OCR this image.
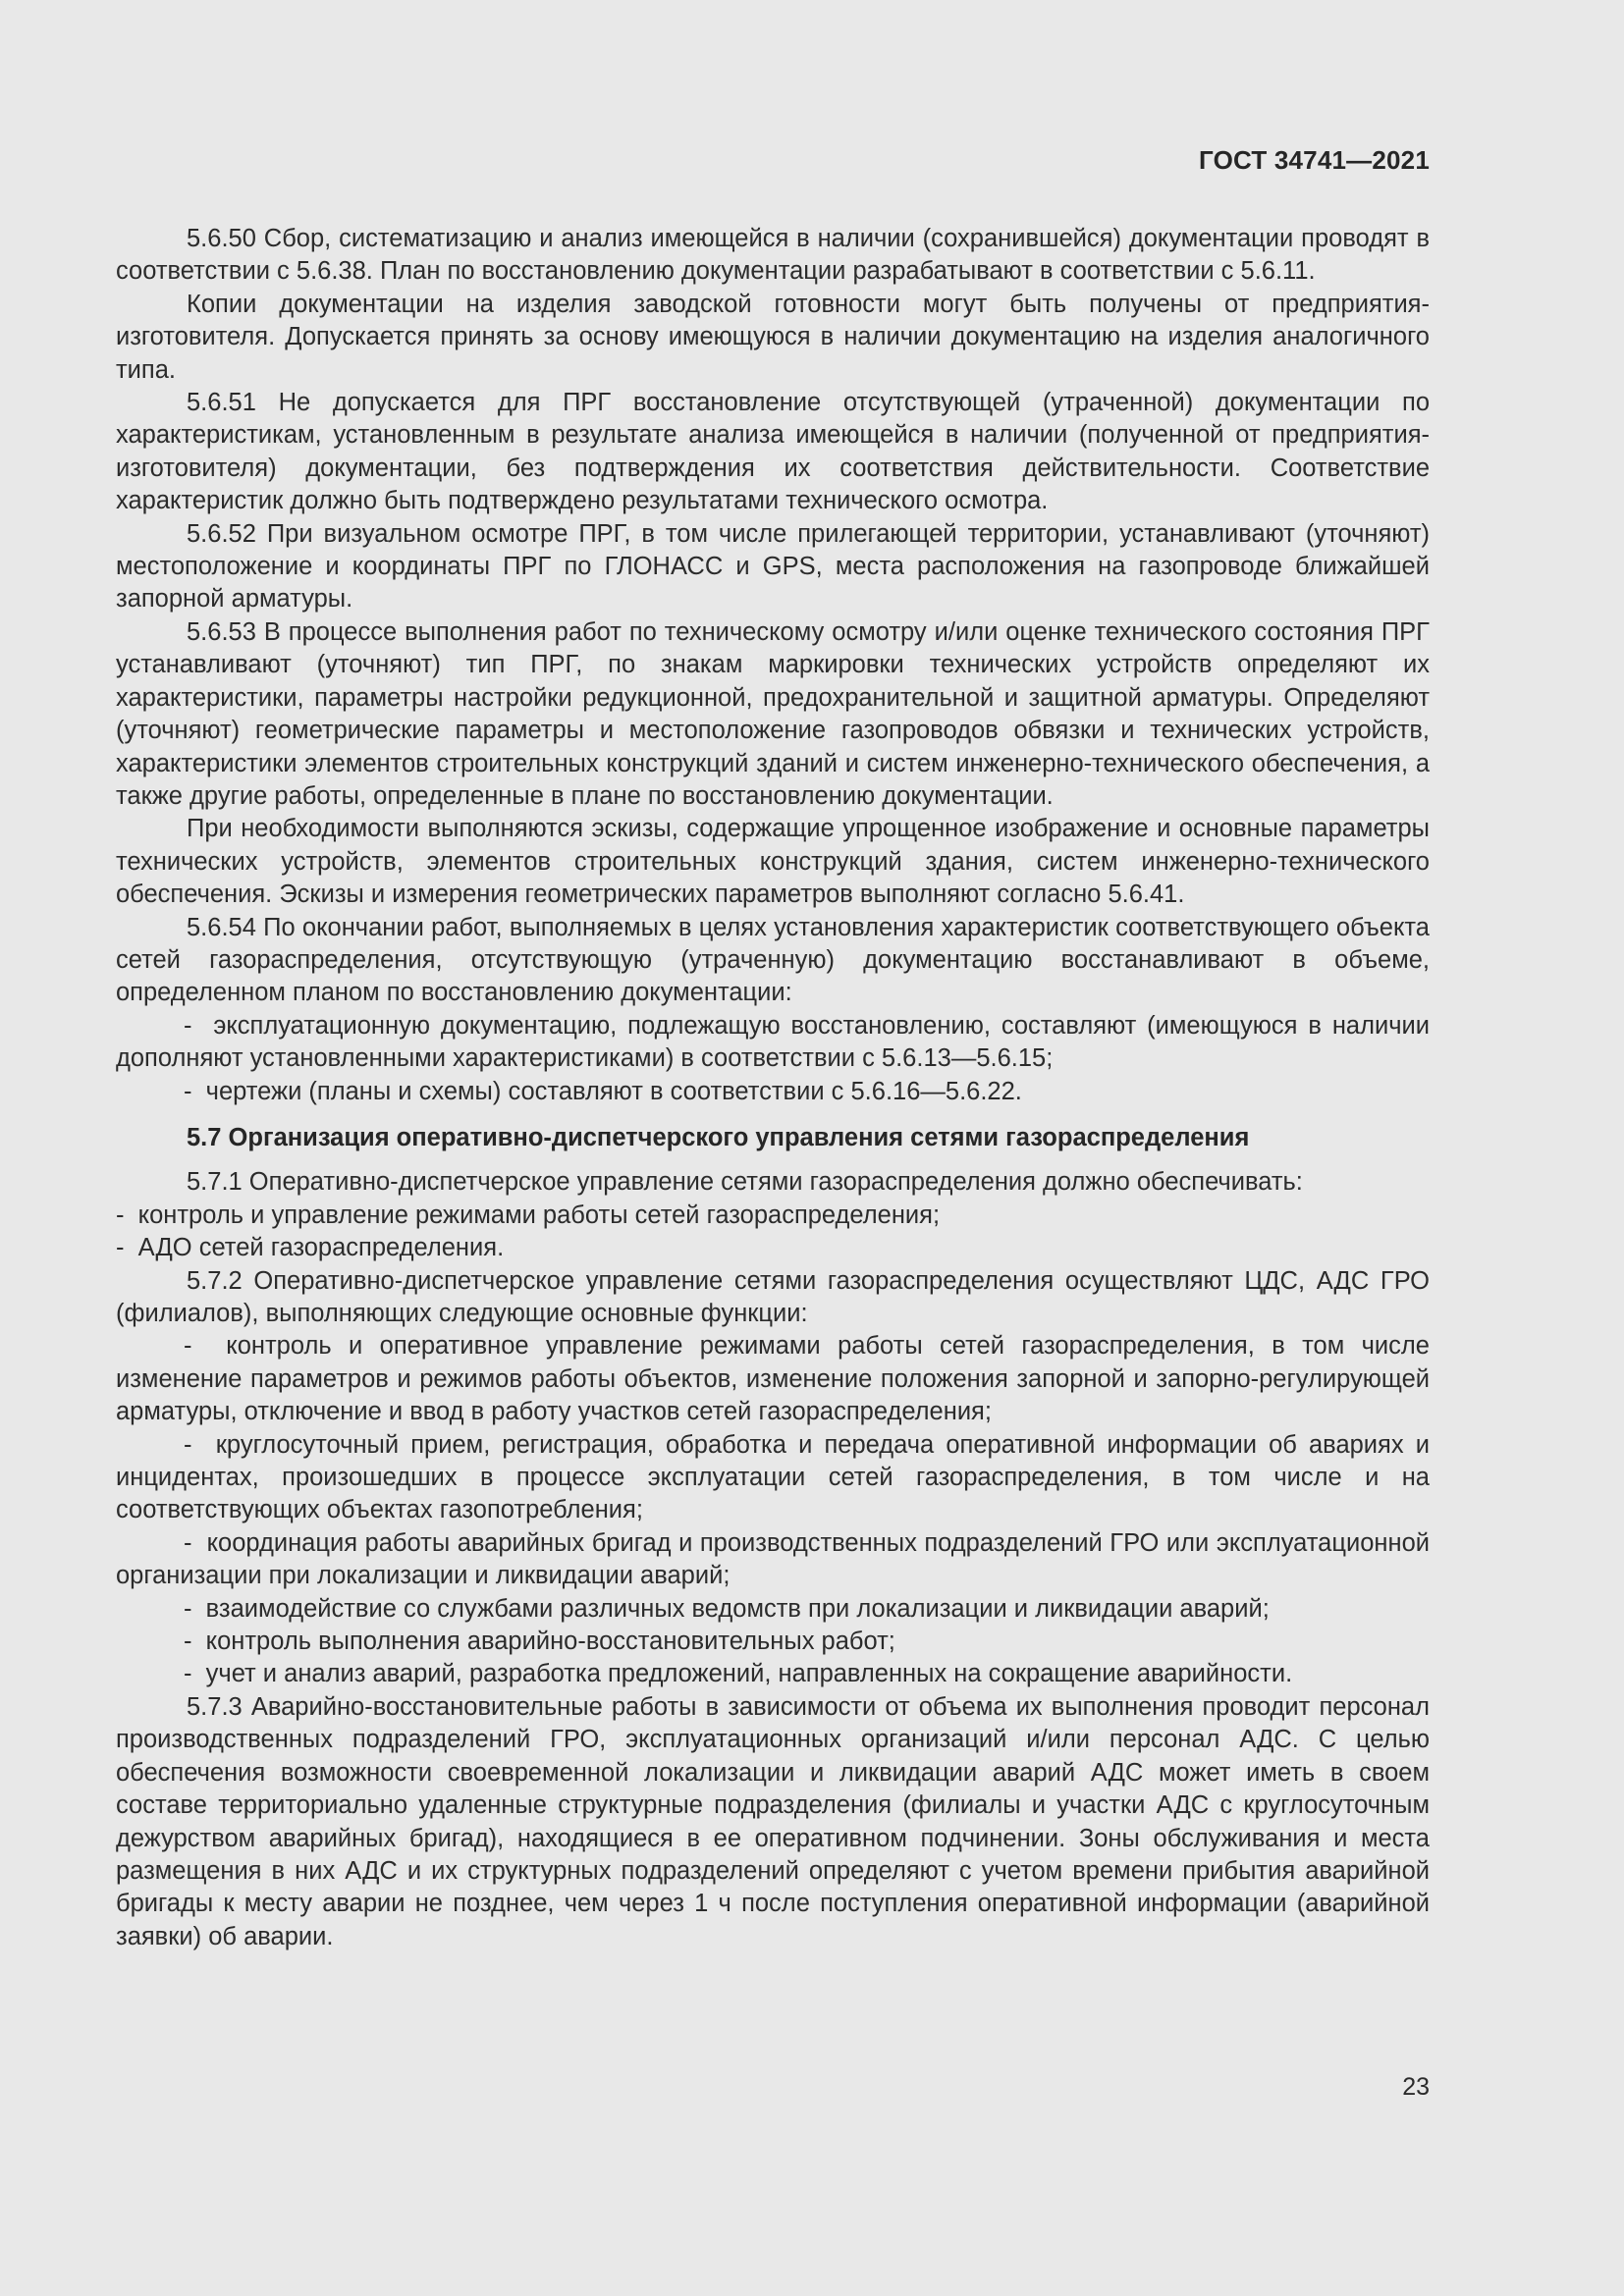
ГОСТ 34741—2021

5.6.50 Сбор, систематизацию и анализ имеющейся в наличии (сохранившейся) документации проводят в соответствии с 5.6.38. План по восстановлению документации разрабатывают в соответствии с 5.6.11.

Копии документации на изделия заводской готовности могут быть получены от предприятия-изготовителя. Допускается принять за основу имеющуюся в наличии документацию на изделия аналогичного типа.

5.6.51 Не допускается для ПРГ восстановление отсутствующей (утраченной) документации по характеристикам, установленным в результате анализа имеющейся в наличии (полученной от предприятия-изготовителя) документации, без подтверждения их соответствия действительности. Соответствие характеристик должно быть подтверждено результатами технического осмотра.

5.6.52 При визуальном осмотре ПРГ, в том числе прилегающей территории, устанавливают (уточняют) местоположение и координаты ПРГ по ГЛОНАСС и GPS, места расположения на газопроводе ближайшей запорной арматуры.

5.6.53 В процессе выполнения работ по техническому осмотру и/или оценке технического состояния ПРГ устанавливают (уточняют) тип ПРГ, по знакам маркировки технических устройств определяют их характеристики, параметры настройки редукционной, предохранительной и защитной арматуры. Определяют (уточняют) геометрические параметры и местоположение газопроводов обвязки и технических устройств, характеристики элементов строительных конструкций зданий и систем инженерно-технического обеспечения, а также другие работы, определенные в плане по восстановлению документации.

При необходимости выполняются эскизы, содержащие упрощенное изображение и основные параметры технических устройств, элементов строительных конструкций здания, систем инженерно-технического обеспечения. Эскизы и измерения геометрических параметров выполняют согласно 5.6.41.

5.6.54 По окончании работ, выполняемых в целях установления характеристик соответствующего объекта сетей газораспределения, отсутствующую (утраченную) документацию восстанавливают в объеме, определенном планом по восстановлению документации:

-  эксплуатационную документацию, подлежащую восстановлению, составляют (имеющуюся в наличии дополняют установленными характеристиками) в соответствии с 5.6.13—5.6.15;

-  чертежи (планы и схемы) составляют в соответствии с 5.6.16—5.6.22.

5.7 Организация оперативно-диспетчерского управления сетями газораспределения

5.7.1 Оперативно-диспетчерское управление сетями газораспределения должно обеспечивать:

-  контроль и управление режимами работы сетей газораспределения;

-  АДО сетей газораспределения.

5.7.2 Оперативно-диспетчерское управление сетями газораспределения осуществляют ЦДС, АДС ГРО (филиалов), выполняющих следующие основные функции:

-  контроль и оперативное управление режимами работы сетей газораспределения, в том числе изменение параметров и режимов работы объектов, изменение положения запорной и запорно-регулирующей арматуры, отключение и ввод в работу участков сетей газораспределения;

-  круглосуточный прием, регистрация, обработка и передача оперативной информации об авариях и инцидентах, произошедших в процессе эксплуатации сетей газораспределения, в том числе и на соответствующих объектах газопотребления;

-  координация работы аварийных бригад и производственных подразделений ГРО или эксплуатационной организации при локализации и ликвидации аварий;

-  взаимодействие со службами различных ведомств при локализации и ликвидации аварий;

-  контроль выполнения аварийно-восстановительных работ;

-  учет и анализ аварий, разработка предложений, направленных на сокращение аварийности.

5.7.3 Аварийно-восстановительные работы в зависимости от объема их выполнения проводит персонал производственных подразделений ГРО, эксплуатационных организаций и/или персонал АДС. С целью обеспечения возможности своевременной локализации и ликвидации аварий АДС может иметь в своем составе территориально удаленные структурные подразделения (филиалы и участки АДС с круглосуточным дежурством аварийных бригад), находящиеся в ее оперативном подчинении. Зоны обслуживания и места размещения в них АДС и их структурных подразделений определяют с учетом времени прибытия аварийной бригады к месту аварии не позднее, чем через 1 ч после поступления оперативной информации (аварийной заявки) об аварии.

23
